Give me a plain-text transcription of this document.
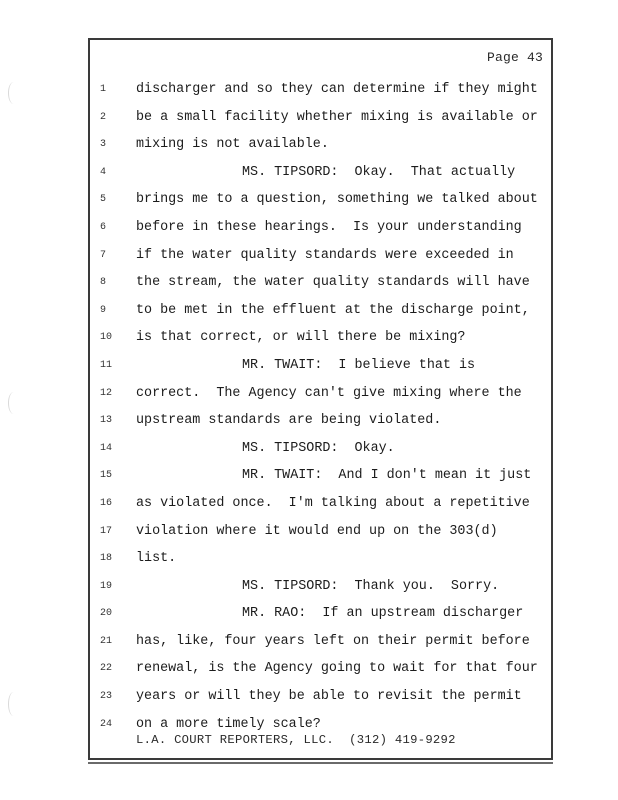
Page 43
1
2
3
4
5
6
7
8
9
10
11
12
13
14
15
16
17
18
19
20
21
22
23
24
discharger and so they can determine if they might
be a small facility whether mixing is available or
mixing is not available.
MS. TIPSORD:  Okay.  That actually
brings me to a question, something we talked about
before in these hearings.  Is your understanding
if the water quality standards were exceeded in
the stream, the water quality standards will have
to be met in the effluent at the discharge point,
is that correct, or will there be mixing?
MR. TWAIT:  I believe that is
correct.  The Agency can't give mixing where the
upstream standards are being violated.
MS. TIPSORD:  Okay.
MR. TWAIT:  And I don't mean it just
as violated once.  I'm talking about a repetitive
violation where it would end up on the 303(d)
list.
MS. TIPSORD:  Thank you.  Sorry.
MR. RAO:  If an upstream discharger
has, like, four years left on their permit before
renewal, is the Agency going to wait for that four
years or will they be able to revisit the permit
on a more timely scale?
L.A. COURT REPORTERS, LLC.  (312) 419-9292
